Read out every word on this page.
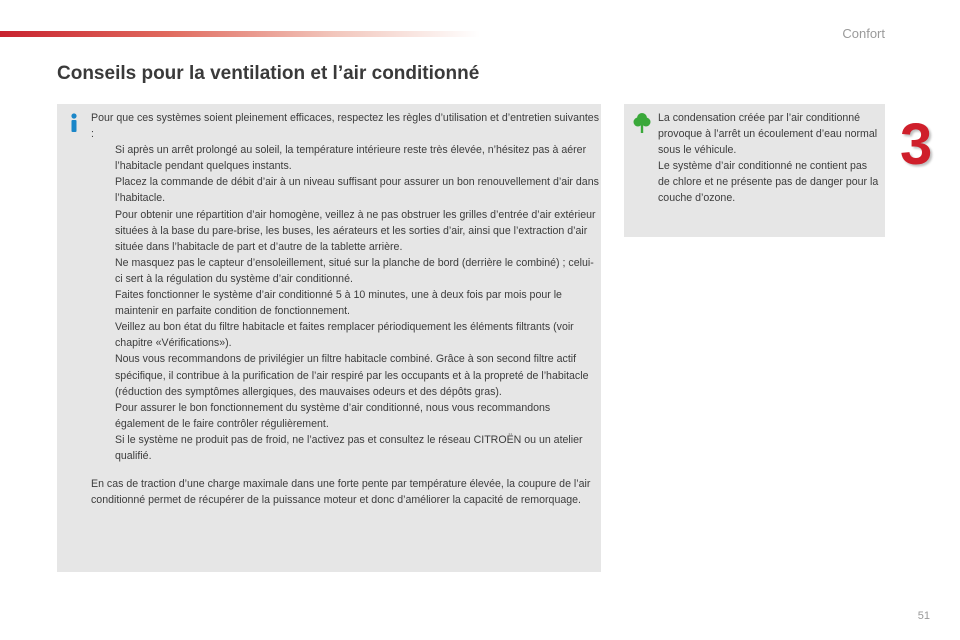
Confort
Conseils pour la ventilation et l’air conditionné
3

Pour que ces systèmes soient pleinement efficaces, respectez les règles d’utilisation et d’entretien suivantes :

Si après un arrêt prolongé au soleil, la température intérieure reste très élevée, n’hésitez pas à aérer l’habitacle pendant quelques instants.
Placez la commande de débit d’air à un niveau suffisant pour assurer un bon renouvellement d’air dans l’habitacle.
Pour obtenir une répartition d’air homogène, veillez à ne pas obstruer les grilles d’entrée d’air extérieur situées à la base du pare-brise, les buses, les aérateurs et les sorties d’air, ainsi que l’extraction d’air située dans l’habitacle de part et d’autre de la tablette arrière.
Ne masquez pas le capteur d’ensoleillement, situé sur la planche de bord (derrière le combiné) ; celui-ci sert à la régulation du système d’air conditionné.
Faites fonctionner le système d’air conditionné 5 à 10 minutes, une à deux fois par mois pour le maintenir en parfaite condition de fonctionnement.
Veillez au bon état du filtre habitacle et faites remplacer périodiquement les éléments filtrants (voir chapitre «Vérifications»).
Nous vous recommandons de privilégier un filtre habitacle combiné. Grâce à son second filtre actif spécifique, il contribue à la purification de l’air respiré par les occupants et à la propreté de l’habitacle (réduction des symptômes allergiques, des mauvaises odeurs et des dépôts gras).
Pour assurer le bon fonctionnement du système d’air conditionné, nous vous recommandons également de le faire contrôler régulièrement.
Si le système ne produit pas de froid, ne l’activez pas et consultez le réseau CITROËN ou un atelier qualifié.

En cas de traction d’une charge maximale dans une forte pente par température élevée, la coupure de l’air conditionné permet de récupérer de la puissance moteur et donc d’améliorer la capacité de remorquage.

La condensation créée par l’air conditionné provoque à l’arrêt un écoulement d’eau normal sous le véhicule.

Le système d’air conditionné ne contient pas de chlore et ne présente pas de danger pour la couche d’ozone.

51
